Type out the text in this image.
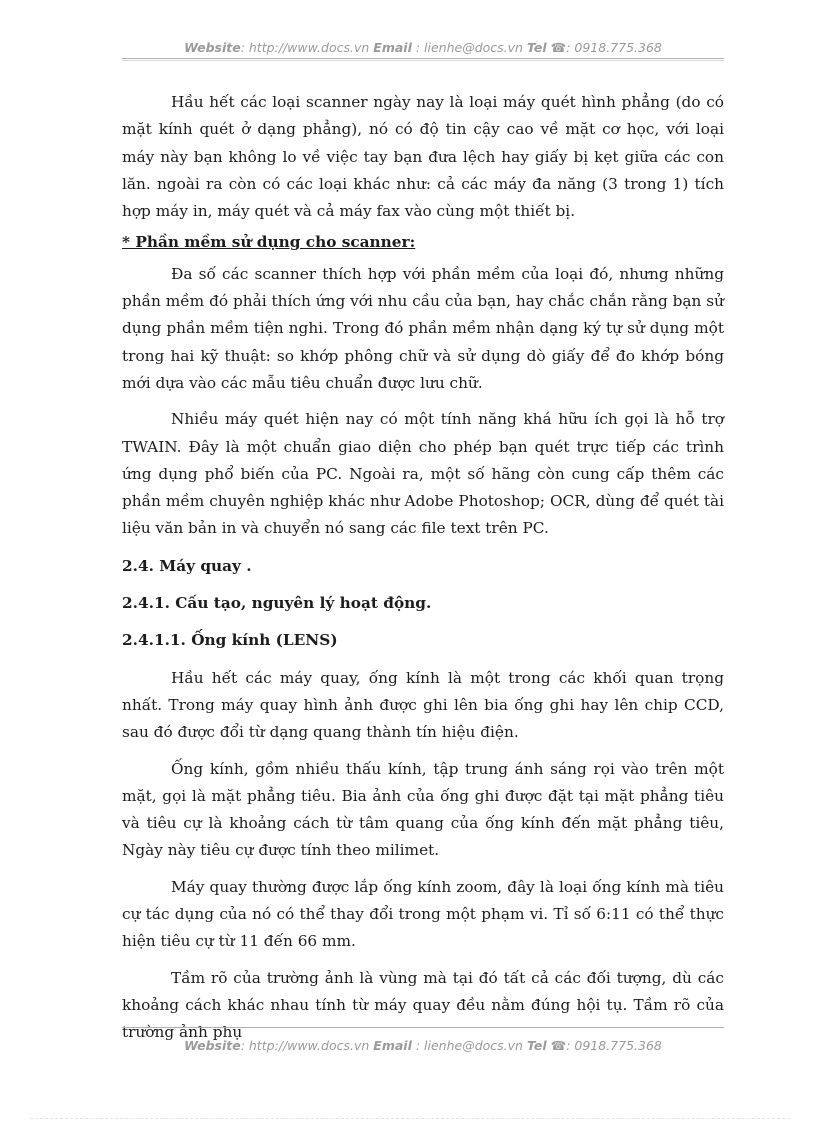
Website: http://www.docs.vn Email : lienhe@docs.vn Tel ☎: 0918.775.368

Hầu hết các loại scanner ngày nay là loại máy quét hình phẳng (do có mặt kính quét ở dạng phẳng), nó có độ tin cậy cao về mặt cơ học, với loại máy này bạn không lo về việc tay bạn đưa lệch hay giấy bị kẹt giữa các con lăn. ngoài ra còn có các loại khác như: cả các máy đa năng (3 trong 1) tích hợp máy in, máy quét và cả máy fax vào cùng một thiết bị.

* Phần mềm sử dụng cho scanner:

Đa số các scanner thích hợp với phần mềm của loại đó, nhưng những phần mềm đó phải thích ứng với nhu cầu của bạn, hay chắc chắn rằng bạn sử dụng phần mềm tiện nghi. Trong đó phần mềm nhận dạng ký tự sử dụng một trong hai kỹ thuật: so khớp phông chữ và sử dụng dò giấy để đo khớp bóng mới dựa vào các mẫu tiêu chuẩn được lưu chữ.

Nhiều máy quét hiện nay có một tính năng khá hữu ích gọi là hỗ trợ TWAIN. Đây là một chuẩn giao diện cho phép bạn quét trực tiếp các trình ứng dụng phổ biến của PC. Ngoài ra, một số hãng còn cung cấp thêm các phần mềm chuyên nghiệp khác như Adobe Photoshop; OCR, dùng để quét tài liệu văn bản in và chuyển nó sang các file text trên PC.

2.4. Máy quay .

2.4.1. Cấu tạo, nguyên lý hoạt động.

2.4.1.1. Ống kính (LENS)

Hầu hết các máy quay, ống kính là một trong các khối quan trọng nhất. Trong máy quay hình ảnh được ghi lên bia ống ghi hay lên chip CCD, sau đó được đổi từ dạng quang thành tín hiệu điện.

Ống kính, gồm nhiều thấu kính, tập trung ánh sáng rọi vào trên một mặt, gọi là mặt phẳng tiêu. Bia ảnh của ống ghi được đặt tại mặt phẳng tiêu và tiêu cự là khoảng cách từ tâm quang của ống kính đến mặt phẳng tiêu, Ngày này tiêu cự được tính theo milimet.

Máy quay thường được lắp ống kính zoom, đây là loại ống kính mà tiêu cự tác dụng của nó có thể thay đổi trong một phạm vi. Tỉ số 6:11 có thể thực hiện tiêu cự từ 11 đến 66 mm.

Tầm rõ của trường ảnh là vùng mà tại đó tất cả các đối tượng, dù các khoảng cách khác nhau tính từ máy quay đều nằm đúng hội tụ. Tầm rõ của trường ảnh phụ

Website: http://www.docs.vn Email : lienhe@docs.vn Tel ☎: 0918.775.368
